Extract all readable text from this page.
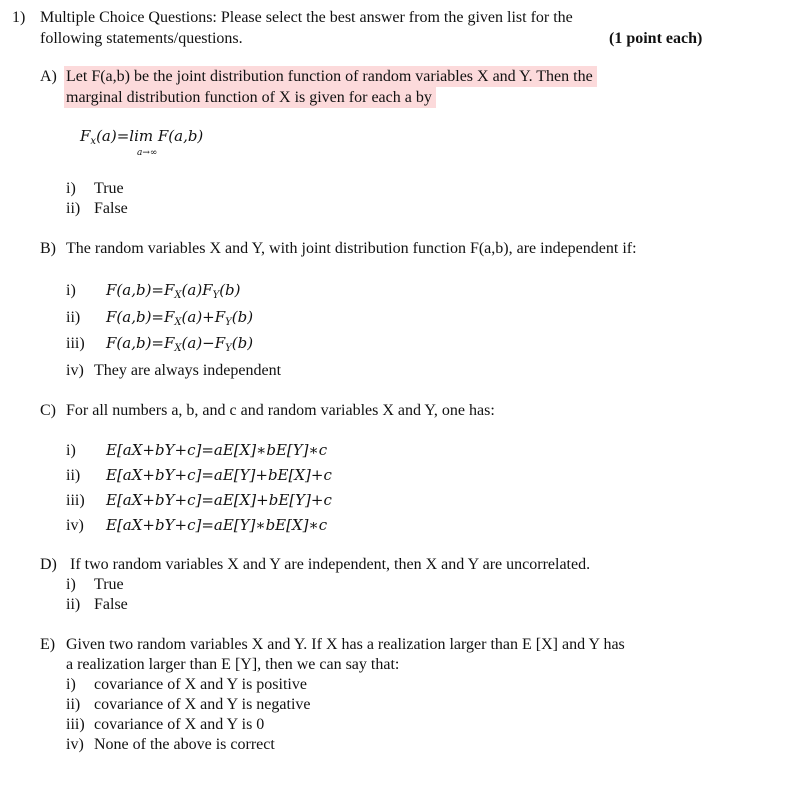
1) Multiple Choice Questions: Please select the best answer from the given list for the
following statements/questions.	(1 point each)
A) Let F(a,b) be the joint distribution function of random variables X and Y. Then the
marginal distribution function of X is given for each a by
$F_x(a)=\lim$ F(a,b)
a→∞
i) True
ii) False
B) The random variables X and Y, with joint distribution function F(a,b), are independent if:
i) $F(a,b)=F_X(a)F_Y(b)$
ii) $F(a,b)=F_X(a)+F_Y(b)$
iii) $F(a,b)=F_X(a)-F_Y(b)$
iv) They are always independent
C) For all numbers a, b, and c and random variables X and Y, one has:
i) E[aX+bY+c]=aE[X]∗bE[Y]∗c
ii) E[aX+bY+c]=aE[Y]+bE[X]+c
iii) E[aX+bY+c]=aE[X]+bE[Y]+c
iv) E[aX+bY+c]=aE[Y]∗bE[X]∗c
D) If two random variables X and Y are independent, then X and Y are uncorrelated.
i) True
ii) False
E) Given two random variables X and Y. If X has a realization larger than E [X] and Y has
a realization larger than E [Y], then we can say that:
i) covariance of X and Y is positive
ii) covariance of X and Y is negative
iii) covariance of X and Y is 0
iv) None of the above is correct
